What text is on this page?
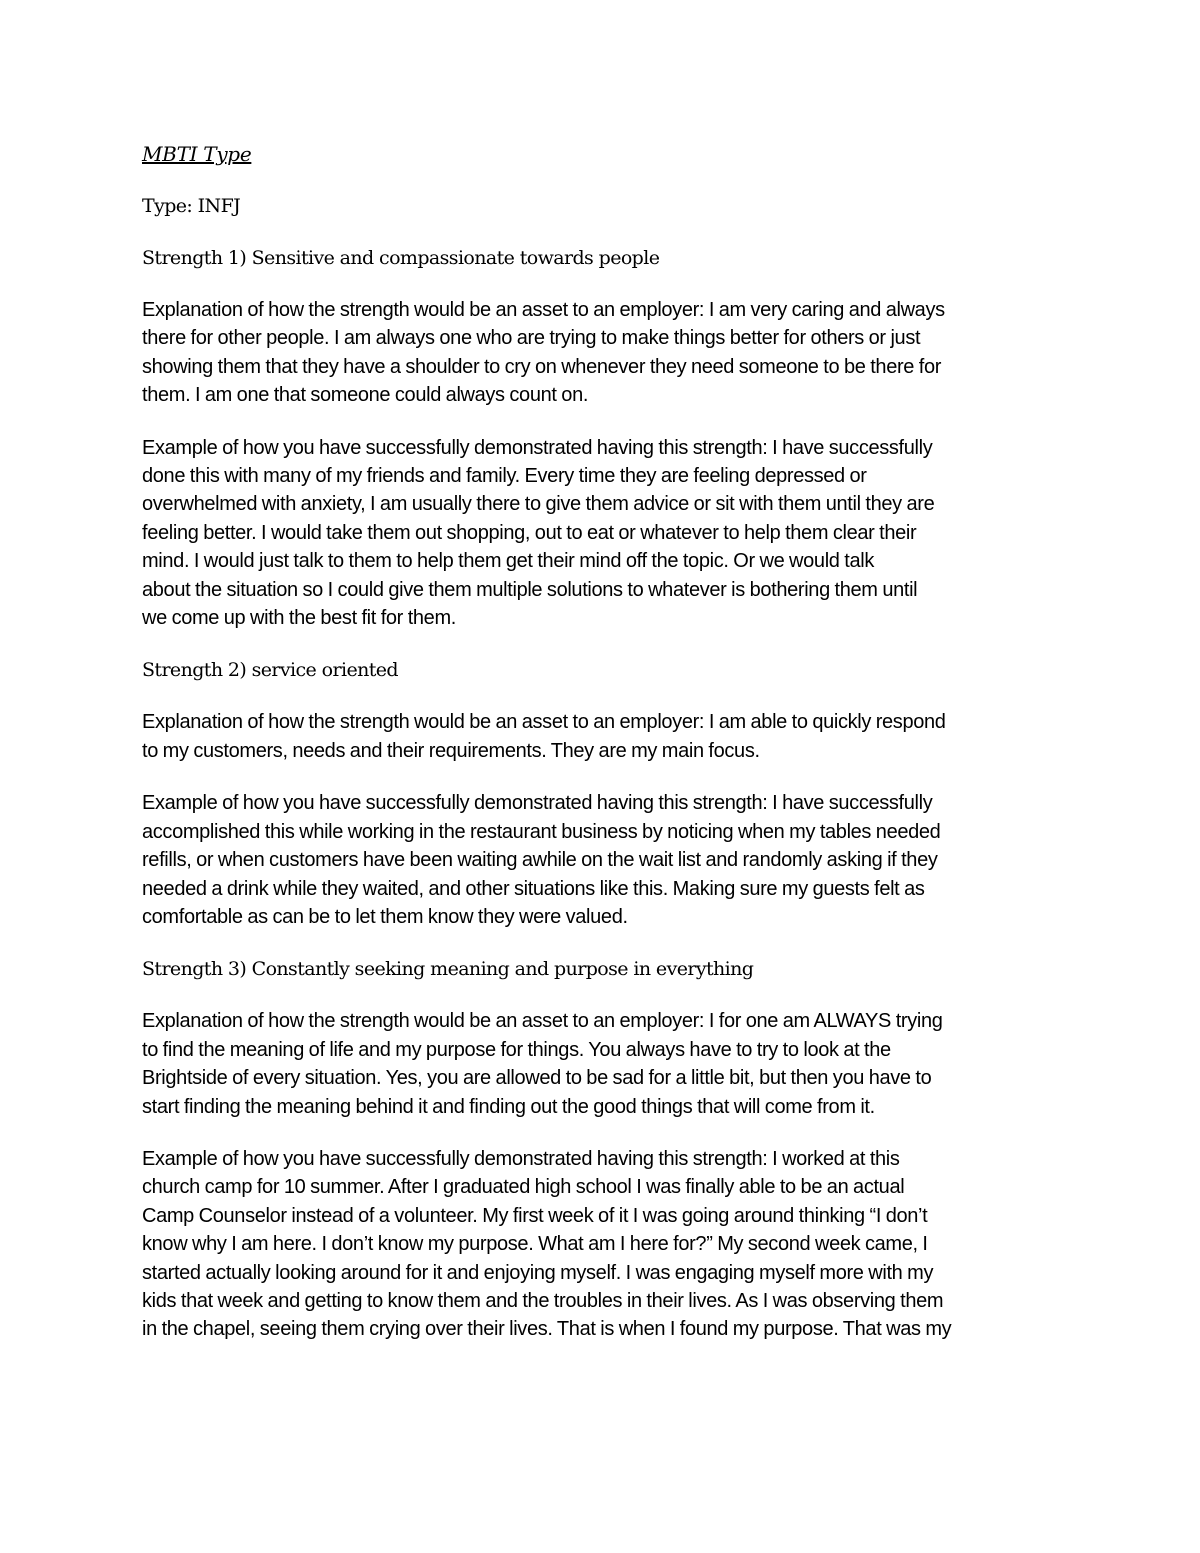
MBTI Type
Type: INFJ
Strength 1) Sensitive and compassionate towards people
Explanation of how the strength would be an asset to an employer: I am very caring and always
there for other people. I am always one who are trying to make things better for others or just
showing them that they have a shoulder to cry on whenever they need someone to be there for
them. I am one that someone could always count on.
Example of how you have successfully demonstrated having this strength: I have successfully
done this with many of my friends and family. Every time they are feeling depressed or
overwhelmed with anxiety, I am usually there to give them advice or sit with them until they are
feeling better. I would take them out shopping, out to eat or whatever to help them clear their
mind. I would just talk to them to help them get their mind off the topic. Or we would talk
about the situation so I could give them multiple solutions to whatever is bothering them until
we come up with the best fit for them.
Strength 2) service oriented
Explanation of how the strength would be an asset to an employer: I am able to quickly respond
to my customers, needs and their requirements. They are my main focus.
Example of how you have successfully demonstrated having this strength: I have successfully
accomplished this while working in the restaurant business by noticing when my tables needed
refills, or when customers have been waiting awhile on the wait list and randomly asking if they
needed a drink while they waited, and other situations like this. Making sure my guests felt as
comfortable as can be to let them know they were valued.
Strength 3) Constantly seeking meaning and purpose in everything
Explanation of how the strength would be an asset to an employer: I for one am ALWAYS trying
to find the meaning of life and my purpose for things. You always have to try to look at the
Brightside of every situation. Yes, you are allowed to be sad for a little bit, but then you have to
start finding the meaning behind it and finding out the good things that will come from it.
Example of how you have successfully demonstrated having this strength: I worked at this
church camp for 10 summer. After I graduated high school I was finally able to be an actual
Camp Counselor instead of a volunteer. My first week of it I was going around thinking “I don’t
know why I am here. I don’t know my purpose. What am I here for?” My second week came, I
started actually looking around for it and enjoying myself. I was engaging myself more with my
kids that week and getting to know them and the troubles in their lives. As I was observing them
in the chapel, seeing them crying over their lives. That is when I found my purpose. That was my
